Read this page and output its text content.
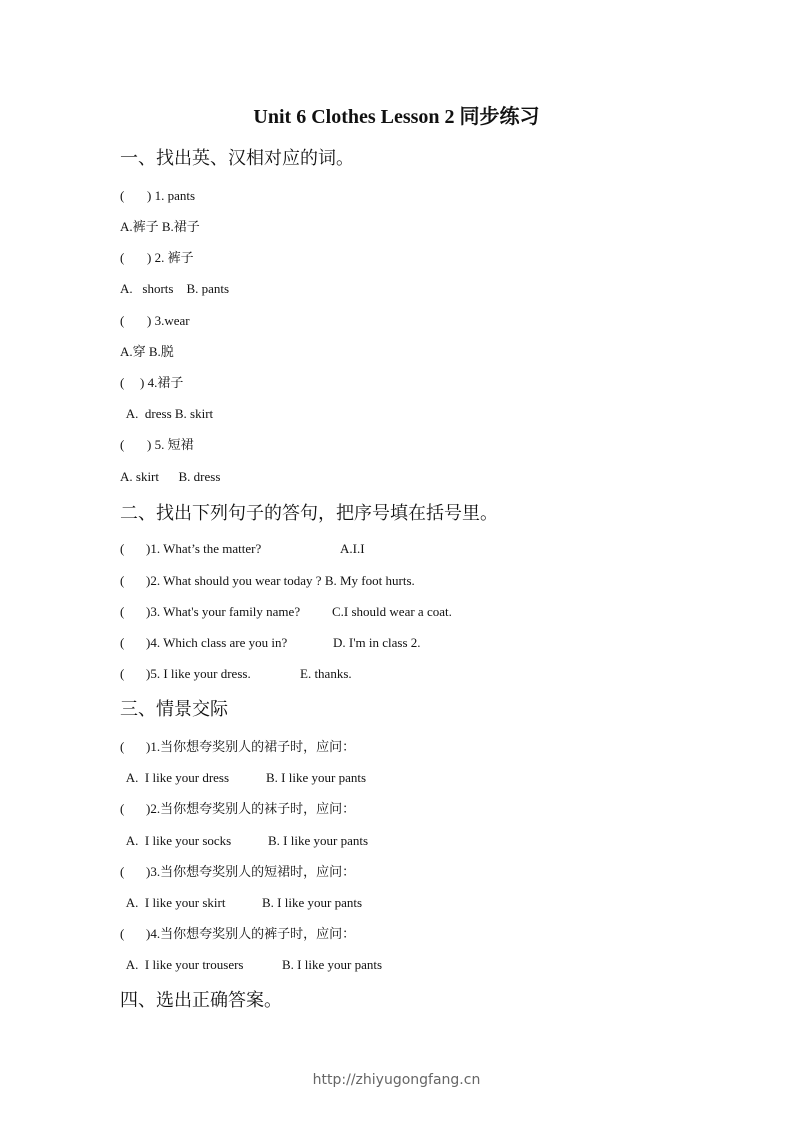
Unit 6 Clothes Lesson 2 同步练习
一、找出英、汉相对应的词。
( ) 1. pants
A.裤子 B.裙子
( ) 2. 裤子
A.   shorts    B. pants
( ) 3.wear
A.穿 B.脱
( ) 4.裙子
A.  dress B. skirt
( ) 5. 短裙
A. skirt      B. dress
二、找出下列句子的答句，把序号填在括号里。
( )1. What’s the matter?	A.I.I
( )2. What should you wear today ? B. My foot hurts.
( )3. What's your family name? C.I should wear a coat.
( )4. Which class are you in?	D. I'm in class 2.
( )5. I like your dress.	E. thanks.
三、情景交际
( )1.当你想夸奖别人的裙子时，应问：
A.  I like your dress	B. I like your pants
( )2.当你想夸奖别人的袜子时，应问：
A.  I like your socks	B. I like your pants
( )3.当你想夸奖别人的短裙时，应问：
A.  I like your skirt	B. I like your pants
( )4.当你想夸奖别人的裤子时，应问：
A.  I like your trousers	B. I like your pants
四、选出正确答案。
http://zhiyugongfang.cn
